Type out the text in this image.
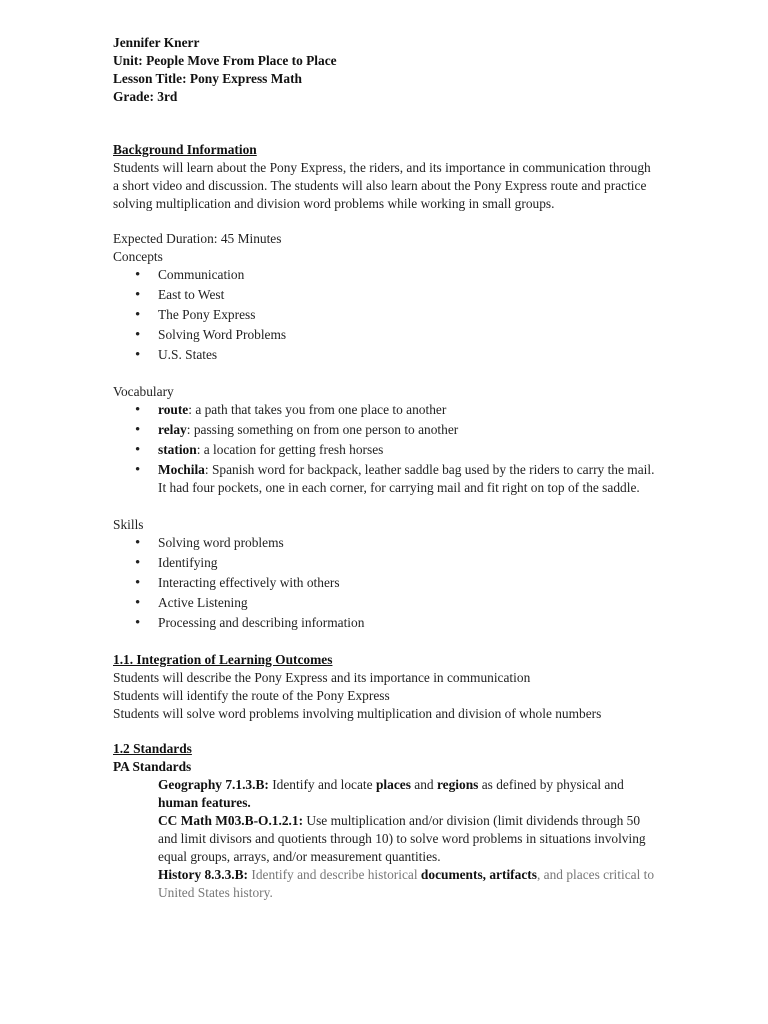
Jennifer Knerr

Unit: People Move From Place to Place

Lesson Title: Pony Express Math

Grade: 3rd

Background Information

Students will learn about the Pony Express, the riders, and its importance in communication through a short video and discussion. The students will also learn about the Pony Express route and practice solving multiplication and division word problems while working in small groups.

Expected Duration: 45 Minutes

Concepts

• Communication
• East to West
• The Pony Express
• Solving Word Problems
• U.S. States

Vocabulary

• route: a path that takes you from one place to another
• relay: passing something on from one person to another
• station: a location for getting fresh horses
• Mochila: Spanish word for backpack, leather saddle bag used by the riders to carry the mail. It had four pockets, one in each corner, for carrying mail and fit right on top of the saddle.

Skills

• Solving word problems
• Identifying
• Interacting effectively with others
• Active Listening
• Processing and describing information

1.1. Integration of Learning Outcomes

Students will describe the Pony Express and its importance in communication

Students will identify the route of the Pony Express

Students will solve word problems involving multiplication and division of whole numbers

1.2 Standards

PA Standards

Geography 7.1.3.B: Identify and locate places and regions as defined by physical and human features.

CC Math M03.B-O.1.2.1: Use multiplication and/or division (limit dividends through 50 and limit divisors and quotients through 10) to solve word problems in situations involving equal groups, arrays, and/or measurement quantities.

History 8.3.3.B: Identify and describe historical documents, artifacts, and places critical to United States history.
